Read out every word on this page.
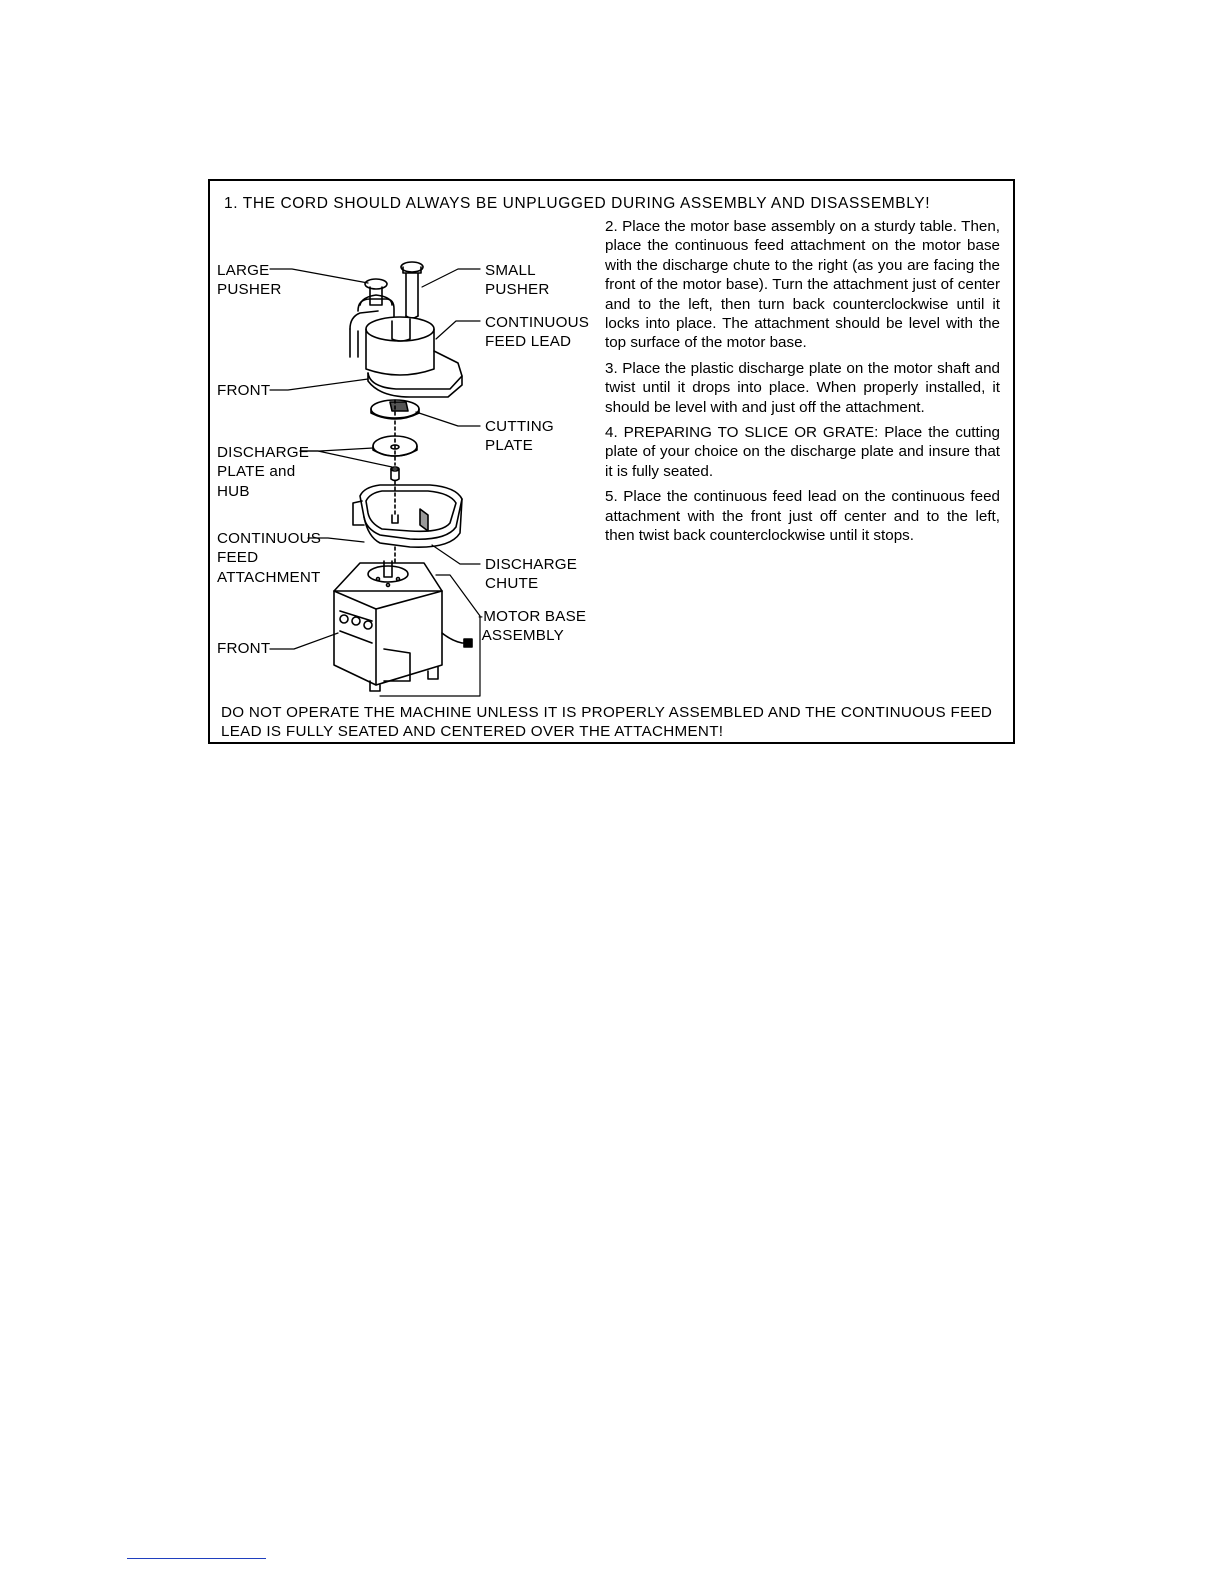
1. THE CORD SHOULD ALWAYS BE UNPLUGGED DURING ASSEMBLY AND DISASSEMBLY!
LARGE
PUSHER
SMALL
PUSHER
CONTINUOUS
FEED LEAD
FRONT
CUTTING
PLATE
DISCHARGE
PLATE and
HUB
CONTINUOUS
FEED
ATTACHMENT
DISCHARGE
CHUTE
-MOTOR BASE
ASSEMBLY
FRONT

2. Place the motor base assembly on a sturdy table. Then, place the continuous feed attachment on the motor base with the discharge chute to the right (as you are facing the front of the motor base). Turn the attachment just of center and to the left, then turn back counterclockwise until it locks into place. The attachment should be level with the top surface of the motor base.

3. Place the plastic discharge plate on the motor shaft and twist until it drops into place. When properly installed, it should be level with and just off the attachment.

4. PREPARING TO SLICE OR GRATE: Place the cutting plate of your choice on the discharge plate and insure that it is fully seated.

5. Place the continuous feed lead on the continuous feed attachment with the front just off center and to the left, then twist back counterclockwise until it stops.

DO NOT OPERATE THE MACHINE UNLESS IT IS PROPERLY ASSEMBLED AND THE CONTINUOUS FEED LEAD IS FULLY SEATED AND CENTERED OVER THE ATTACHMENT!
